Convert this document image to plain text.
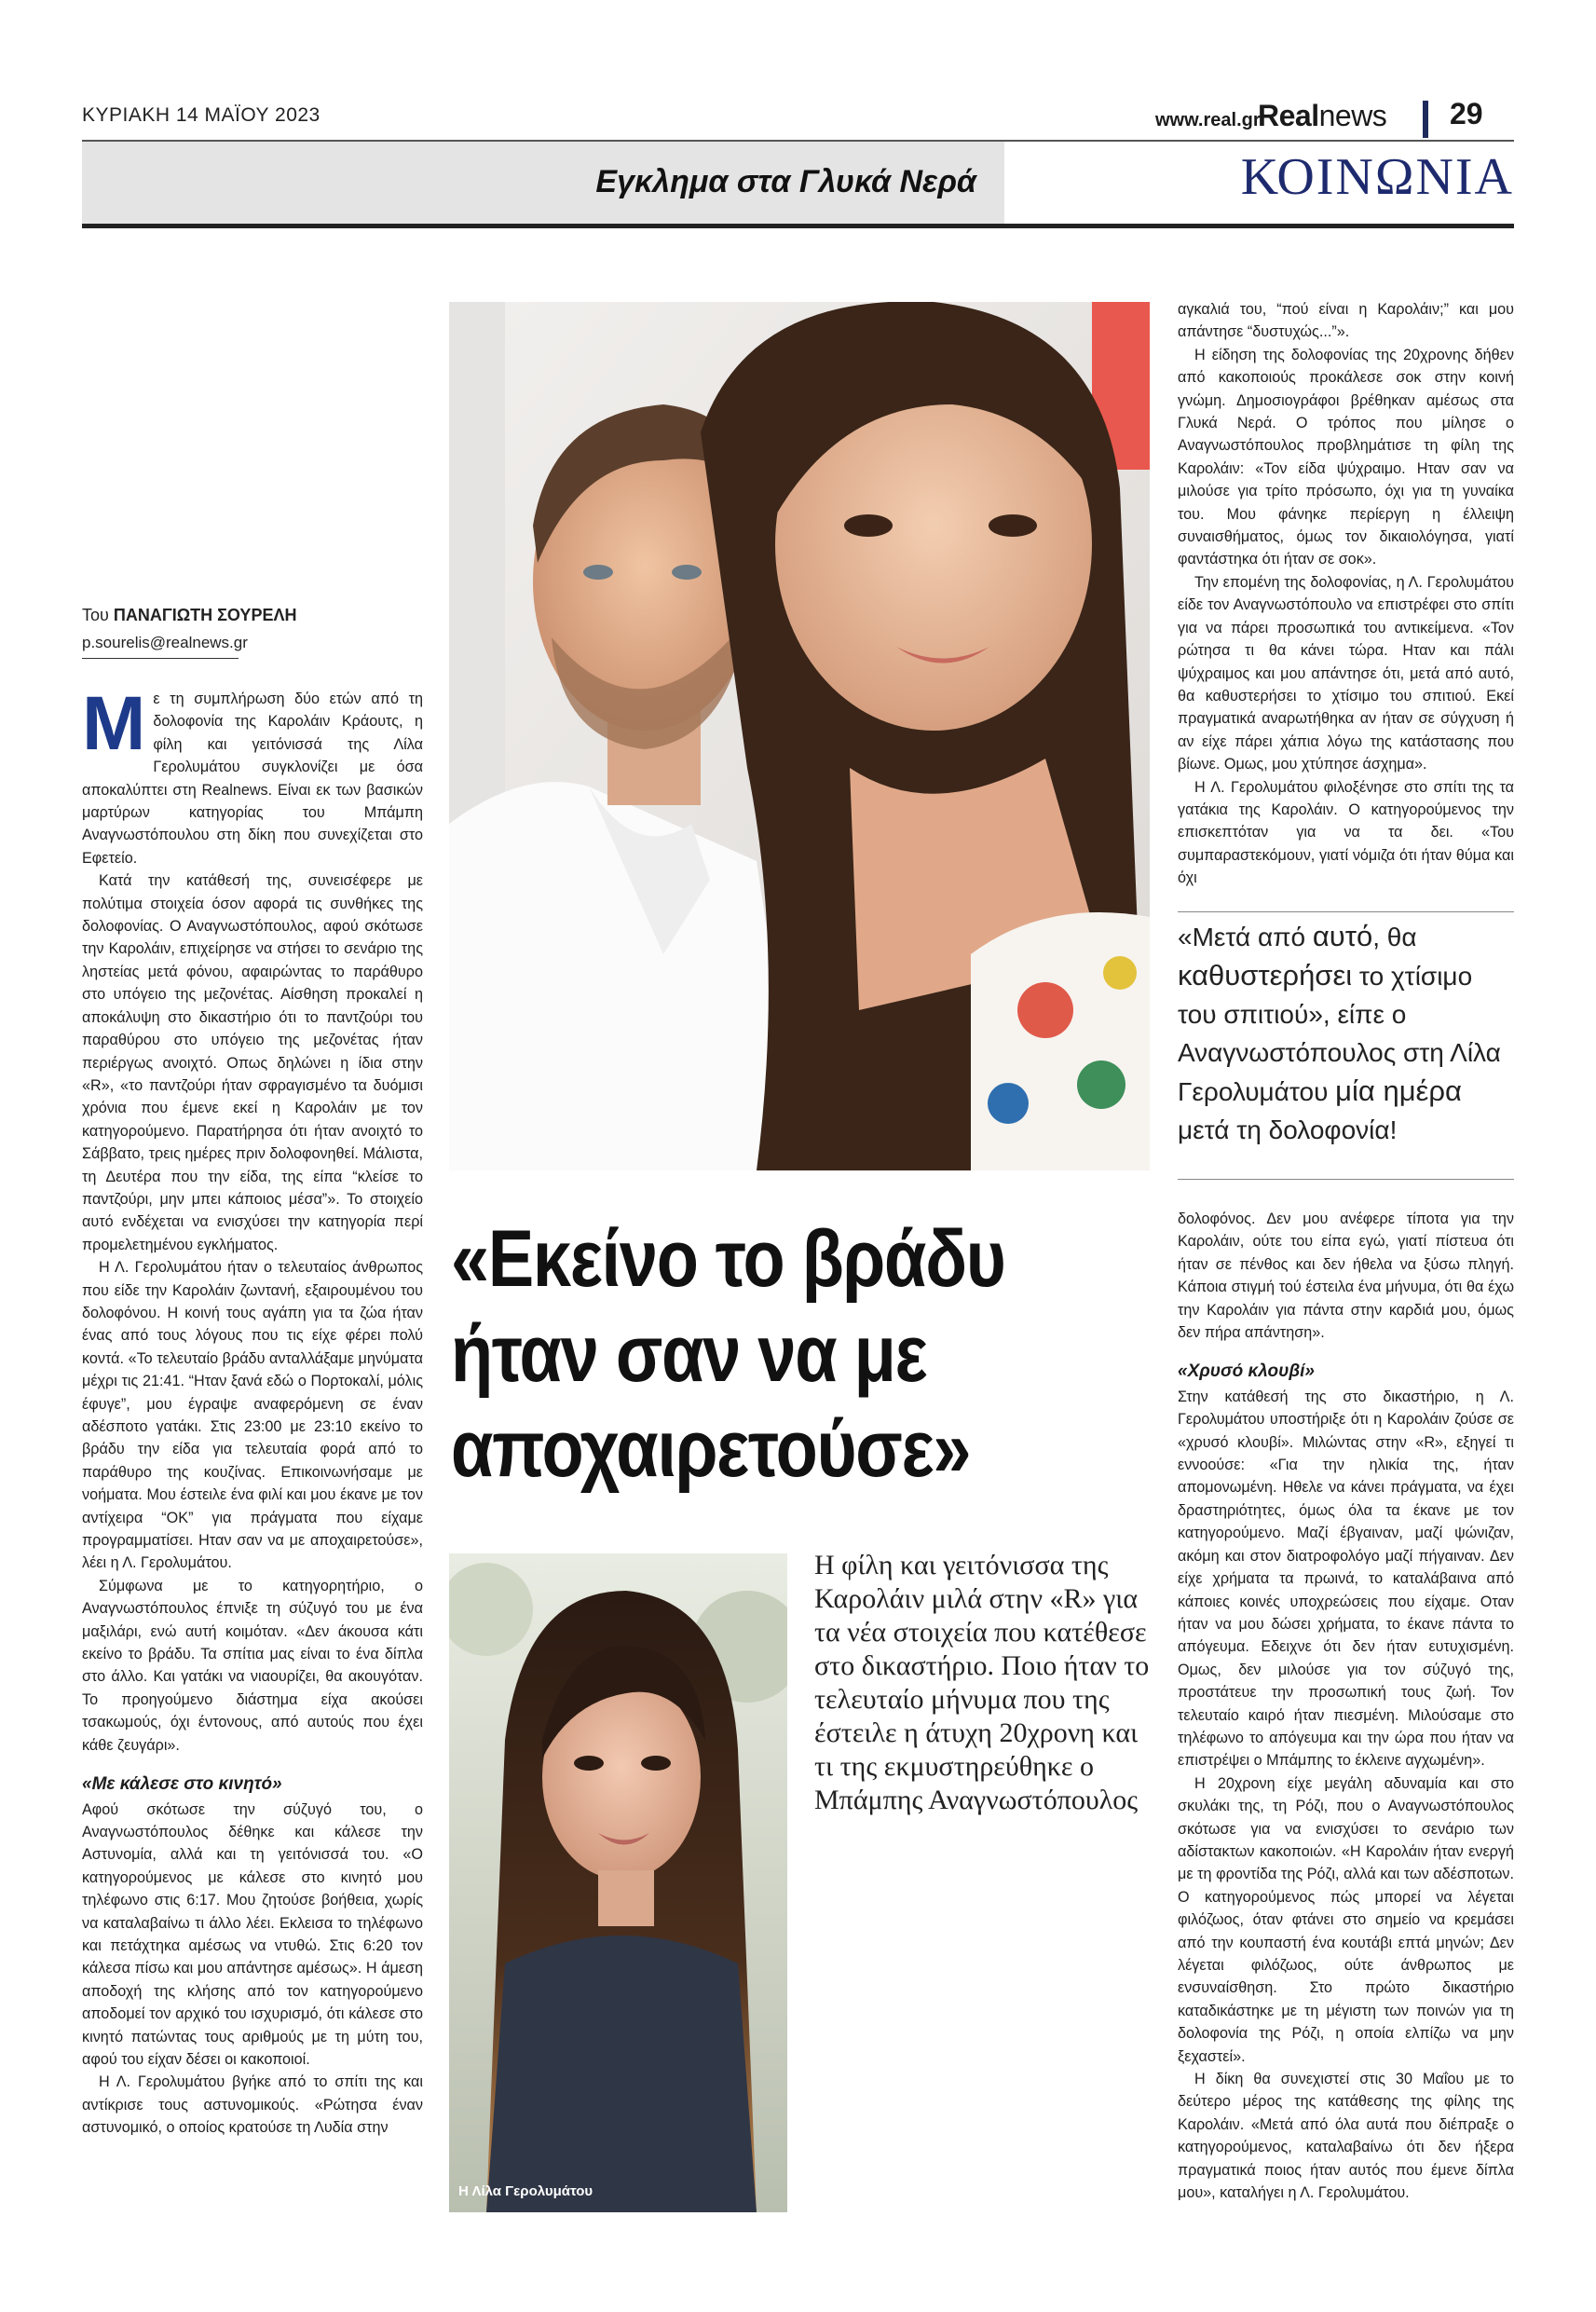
ΚΥΡΙΑΚΗ 14 ΜΑΪΟΥ 2023	www.real.gr
Realnews 29
Εγκλημα στα Γλυκά Νερά	ΚΟΙΝΩΝΙΑ
Του ΠΑΝΑΓΙΩΤΗ ΣΟΥΡΕΛΗ
p.sourelis@realnews.gr
Μ ε τη συμπλήρωση δύο ετών από τη δολοφονία της Καρολάιν Κράουτς, η φίλη και γειτόνισσά της Λίλα Γερολυμάτου συγκλονίζει με όσα αποκαλύπτει στη Realnews. Είναι εκ των βασικών μαρτύρων κατηγορίας του Μπάμπη Αναγνωστόπουλου στη δίκη που συνεχίζεται στο Εφετείο.

Κατά την κατάθεσή της, συνεισέφερε με πολύτιμα στοιχεία όσον αφορά τις συνθήκες της δολοφονίας. Ο Αναγνωστόπουλος, αφού σκότωσε την Καρολάιν, επιχείρησε να στήσει το σενάριο της ληστείας μετά φόνου, αφαιρώντας το παράθυρο στο υπόγειο της μεζονέτας. Αίσθηση προκαλεί η αποκάλυψη στο δικαστήριο ότι το παντζούρι του παραθύρου στο υπόγειο της μεζονέτας ήταν περιέργως ανοιχτό. Οπως δηλώνει η ίδια στην «R», «το παντζούρι ήταν σφραγισμένο τα δυόμισι χρόνια που έμενε εκεί η Καρολάιν με τον κατηγορούμενο. Παρατήρησα ότι ήταν ανοιχτό το Σάββατο, τρεις ημέρες πριν δολοφονηθεί. Μάλιστα, τη Δευτέρα που την είδα, της είπα “κλείσε το παντζούρι, μην μπει κάποιος μέσα”». Το στοιχείο αυτό ενδέχεται να ενισχύσει την κατηγορία περί προμελετημένου εγκλήματος.

Η Λ. Γερολυμάτου ήταν ο τελευταίος άνθρωπος που είδε την Καρολάιν ζωντανή, εξαιρουμένου του δολοφόνου. Η κοινή τους αγάπη για τα ζώα ήταν ένας από τους λόγους που τις είχε φέρει πολύ κοντά. «Το τελευταίο βράδυ ανταλλάξαμε μηνύματα μέχρι τις 21:41. “Ηταν ξανά εδώ ο Πορτοκαλί, μόλις έφυγε”, μου έγραψε αναφερόμενη σε έναν αδέσποτο γατάκι. Στις 23:00 με 23:10 εκείνο το βράδυ την είδα για τελευταία φορά από το παράθυρο της κουζίνας. Επικοινωνήσαμε με νοήματα. Μου έστειλε ένα φιλί και μου έκανε με τον αντίχειρα “ΟΚ” για πράγματα που είχαμε προγραμματίσει. Ηταν σαν να με αποχαιρετούσε», λέει η Λ. Γερολυμάτου.

Σύμφωνα με το κατηγορητήριο, ο Αναγνωστόπουλος έπνιξε τη σύζυγό του με ένα μαξιλάρι, ενώ αυτή κοιμόταν. «Δεν άκουσα κάτι εκείνο το βράδυ. Τα σπίτια μας είναι το ένα δίπλα στο άλλο. Και γατάκι να νιαουρίζει, θα ακουγόταν. Το προηγούμενο διάστημα είχα ακούσει τσακωμούς, όχι έντονους, από αυτούς που έχει κάθε ζευγάρι».

«Με κάλεσε στο κινητό»

Αφού σκότωσε την σύζυγό του, ο Αναγνωστόπουλος δέθηκε και κάλεσε την Αστυνομία, αλλά και τη γειτόνισσά του. «Ο κατηγορούμενος με κάλεσε στο κινητό μου τηλέφωνο στις 6:17. Μου ζητούσε βοήθεια, χωρίς να καταλαβαίνω τι άλλο λέει. Εκλεισα το τηλέφωνο και πετάχτηκα αμέσως να ντυθώ. Στις 6:20 τον κάλεσα πίσω και μου απάντησε αμέσως». Η άμεση αποδοχή της κλήσης από τον κατηγορούμενο αποδομεί τον αρχικό του ισχυρισμό, ότι κάλεσε στο κινητό πατώντας τους αριθμούς με τη μύτη του, αφού του είχαν δέσει οι κακοποιοί.

Η Λ. Γερολυμάτου βγήκε από το σπίτι της και αντίκρισε τους αστυνομικούς. «Ρώτησα έναν αστυνομικό, ο οποίος κρατούσε τη Λυδία στην

«Μετά από αυτό, θα καθυστερήσει το χτίσιμο του σπιτιού», είπε ο Αναγνωστόπουλος στη Λίλα Γερολυμάτου μία ημέρα μετά τη δολοφονία!

αγκαλιά του, “πού είναι η Καρολάιν;” και μου απάντησε “δυστυχώς...”».

Η είδηση της δολοφονίας της 20χρονης δήθεν από κακοποιούς προκάλεσε σοκ στην κοινή γνώμη. Δημοσιογράφοι βρέθηκαν αμέσως στα Γλυκά Νερά. Ο τρόπος που μίλησε ο Αναγνωστόπουλος προβλημάτισε τη φίλη της Καρολάιν: «Τον είδα ψύχραιμο. Ηταν σαν να μιλούσε για τρίτο πρόσωπο, όχι για τη γυναίκα του. Μου φάνηκε περίεργη η έλλειψη συναισθήματος, όμως τον δικαιολόγησα, γιατί φαντάστηκα ότι ήταν σε σοκ».

Την επομένη της δολοφονίας, η Λ. Γερολυμάτου είδε τον Αναγνωστόπουλο να επιστρέφει στο σπίτι για να πάρει προσωπικά του αντικείμενα. «Τον ρώτησα τι θα κάνει τώρα. Ηταν και πάλι ψύχραιμος και μου απάντησε ότι, μετά από αυτό, θα καθυστερήσει το χτίσιμο του σπιτιού. Εκεί πραγματικά αναρωτήθηκα αν ήταν σε σύγχυση ή αν είχε πάρει χάπια λόγω της κατάστασης που βίωνε. Ομως, μου χτύπησε άσχημα».

Η Λ. Γερολυμάτου φιλοξένησε στο σπίτι της τα γατάκια της Καρολάιν. Ο κατηγορούμενος την επισκεπτόταν για να τα δει. «Του συμπαραστεκόμουν, γιατί νόμιζα ότι ήταν θύμα και όχι

«Εκείνο το βράδυ
ήταν σαν να με
αποχαιρετούσε»
Η Λίλα Γερολυμάτου
Η φίλη και γειτόνισσα της Καρολάιν μιλά στην «R» για τα νέα στοιχεία που κατέθεσε στο δικαστήριο. Ποιο ήταν το τελευταίο μήνυμα που της έστειλε η άτυχη 20χρονη και τι της εκμυστηρεύθηκε ο Μπάμπης Αναγνωστόπουλος

δολοφόνος. Δεν μου ανέφερε τίποτα για την Καρολάιν, ούτε του είπα εγώ, γιατί πίστευα ότι ήταν σε πένθος και δεν ήθελα να ξύσω πληγή. Κάποια στιγμή τού έστειλα ένα μήνυμα, ότι θα έχω την Καρολάιν για πάντα στην καρδιά μου, όμως δεν πήρα απάντηση».

«Χρυσό κλουβί»

Στην κατάθεσή της στο δικαστήριο, η Λ. Γερολυμάτου υποστήριξε ότι η Καρολάιν ζούσε σε «χρυσό κλουβί». Μιλώντας στην «R», εξηγεί τι εννοούσε: «Για την ηλικία της, ήταν απομονωμένη. Ηθελε να κάνει πράγματα, να έχει δραστηριότητες, όμως όλα τα έκανε με τον κατηγορούμενο. Μαζί έβγαιναν, μαζί ψώνιζαν, ακόμη και στον διατροφολόγο μαζί πήγαιναν. Δεν είχε χρήματα τα πρωινά, το καταλάβαινα από κάποιες κοινές υποχρεώσεις που είχαμε. Οταν ήταν να μου δώσει χρήματα, το έκανε πάντα το απόγευμα. Εδειχνε ότι δεν ήταν ευτυχισμένη. Ομως, δεν μιλούσε για τον σύζυγό της, προστάτευε την προσωπική τους ζωή. Τον τελευταίο καιρό ήταν πιεσμένη. Μιλούσαμε στο τηλέφωνο το απόγευμα και την ώρα που ήταν να επιστρέψει ο Μπάμπης το έκλεινε αγχωμένη».

Η 20χρονη είχε μεγάλη αδυναμία και στο σκυλάκι της, τη Ρόζι, που ο Αναγνωστόπουλος σκότωσε για να ενισχύσει το σενάριο των αδίστακτων κακοποιών. «Η Καρολάιν ήταν ενεργή με τη φροντίδα της Ρόζι, αλλά και των αδέσποτων. Ο κατηγορούμενος πώς μπορεί να λέγεται φιλόζωος, όταν φτάνει στο σημείο να κρεμάσει από την κουπαστή ένα κουτάβι επτά μηνών; Δεν λέγεται φιλόζωος, ούτε άνθρωπος με ενσυναίσθηση. Στο πρώτο δικαστήριο καταδικάστηκε με τη μέγιστη των ποινών για τη δολοφονία της Ρόζι, η οποία ελπίζω να μην ξεχαστεί».

Η δίκη θα συνεχιστεί στις 30 Μαΐου με το δεύτερο μέρος της κατάθεσης της φίλης της Καρολάιν. «Μετά από όλα αυτά που διέπραξε ο κατηγορούμενος, καταλαβαίνω ότι δεν ήξερα πραγματικά ποιος ήταν αυτός που έμενε δίπλα μου», καταλήγει η Λ. Γερολυμάτου.
